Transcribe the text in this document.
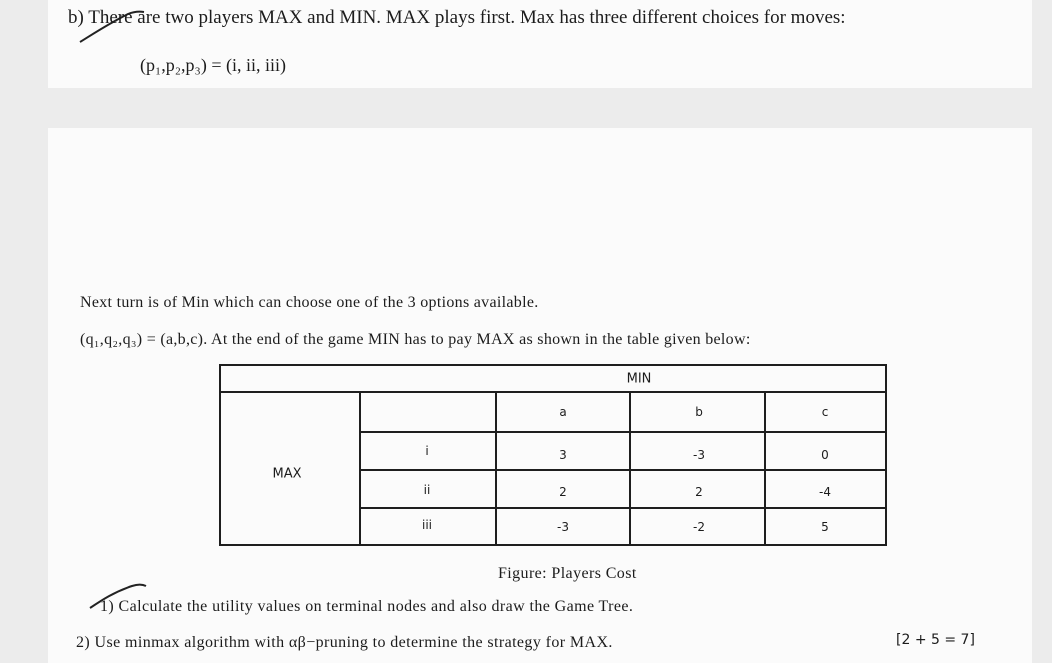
b) There are two players MAX and MIN. MAX plays first. Max has three different choices for moves:
(p₁,p₂,p₃) = (i, ii, iii)
Next turn is of Min which can choose one of the 3 options available.
(q₁,q₂,q₃) = (a,b,c). At the end of the game MIN has to pay MAX as shown in the table given below:
MIN
MAX
a	b	c
i	3	-3	0
ii	2	2	-4
iii	-3	-2	5
Figure: Players Cost
1) Calculate the utility values on terminal nodes and also draw the Game Tree.
2) Use minmax algorithm with αβ−pruning to determine the strategy for MAX.	[2 + 5 = 7]
